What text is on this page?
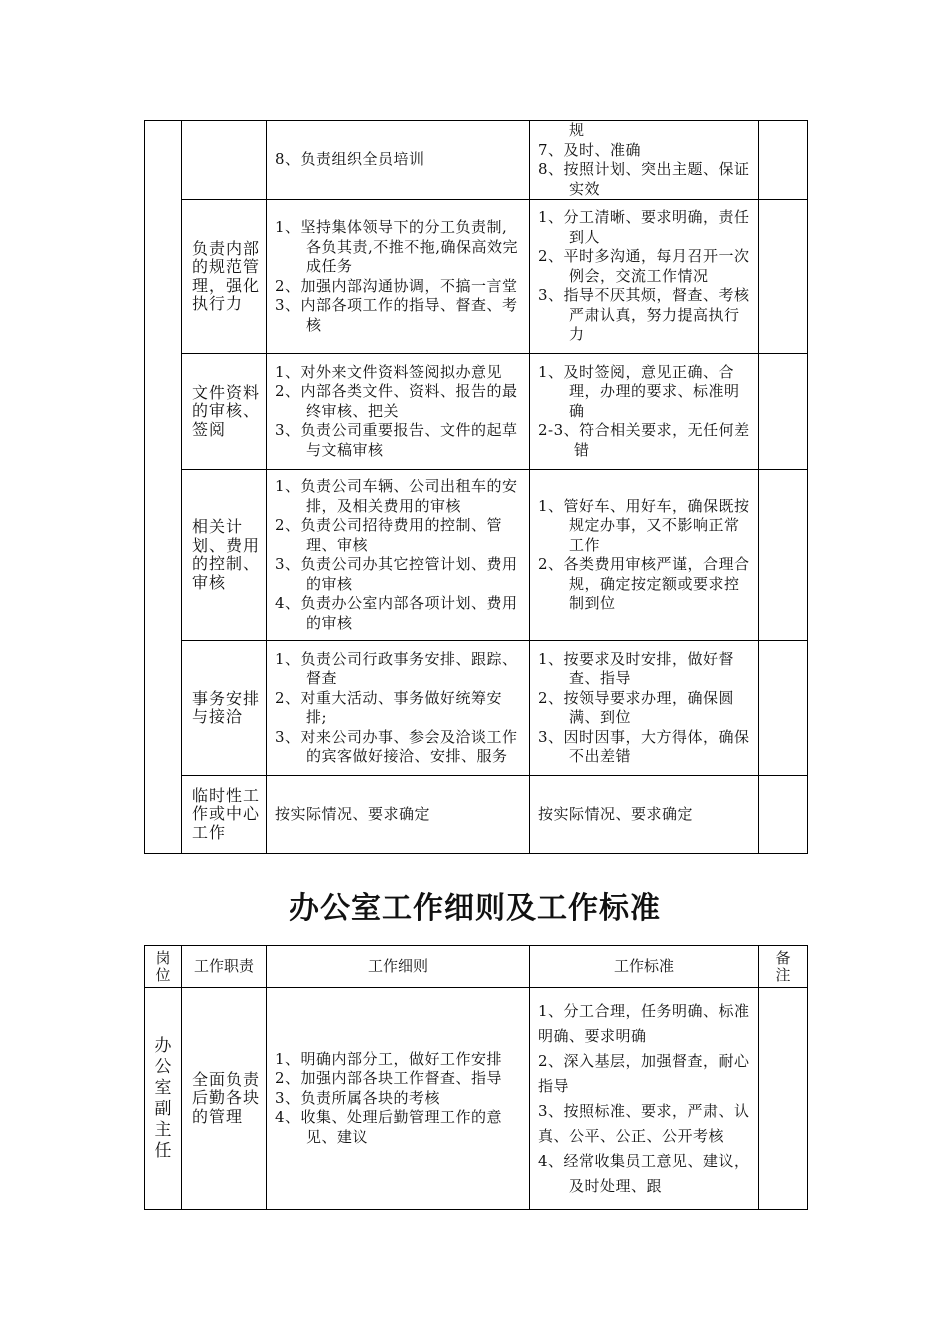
		8、负责组织全员培训	规
7、及时、准确
8、按照计划、突出主题、保证实效	

	负责内部的规范管理，强化执行力	1、坚持集体领导下的分工负责制,各负其责,不推不拖,确保高效完成任务
2、加强内部沟通协调，不搞一言堂
3、内部各项工作的指导、督查、考核	1、分工清晰、要求明确，责任到人
2、平时多沟通，每月召开一次例会，交流工作情况
3、指导不厌其烦，督查、考核严肃认真，努力提高执行力	

	文件资料的审核、签阅	1、对外来文件资料签阅拟办意见
2、内部各类文件、资料、报告的最终审核、把关
3、负责公司重要报告、文件的起草与文稿审核	1、及时签阅，意见正确、合理，办理的要求、标准明确
2-3、符合相关要求，无任何差错	

	相关计划、费用的控制、审核	1、负责公司车辆、公司出租车的安排，及相关费用的审核
2、负责公司招待费用的控制、管理、审核
3、负责公司办其它控管计划、费用的审核
4、负责办公室内部各项计划、费用的审核	1、管好车、用好车，确保既按规定办事，又不影响正常工作
2、各类费用审核严谨，合理合规，确定按定额或要求控制到位	

	事务安排与接洽	1、负责公司行政事务安排、跟踪、督查
2、对重大活动、事务做好统筹安排;
3、对来公司办事、参会及洽谈工作的宾客做好接洽、安排、服务	1、按要求及时安排，做好督查、指导
2、按领导要求办理，确保圆满、到位
3、因时因事，大方得体，确保不出差错	

	临时性工作或中心工作	按实际情况、要求确定	按实际情况、要求确定	

办公室工作细则及工作标准
岗位	工作职责	工作细则	工作标准	备注
办公室副主任	全面负责后勤各块的管理	1、明确内部分工，做好工作安排
2、加强内部各块工作督查、指导
3、负责所属各块的考核
4、收集、处理后勤管理工作的意见、建议	1、分工合理，任务明确、标准明确、要求明确
2、深入基层，加强督查，耐心指导
3、按照标准、要求，严肃、认真、公平、公正、公开考核
4、经常收集员工意见、建议，及时处理、跟	
